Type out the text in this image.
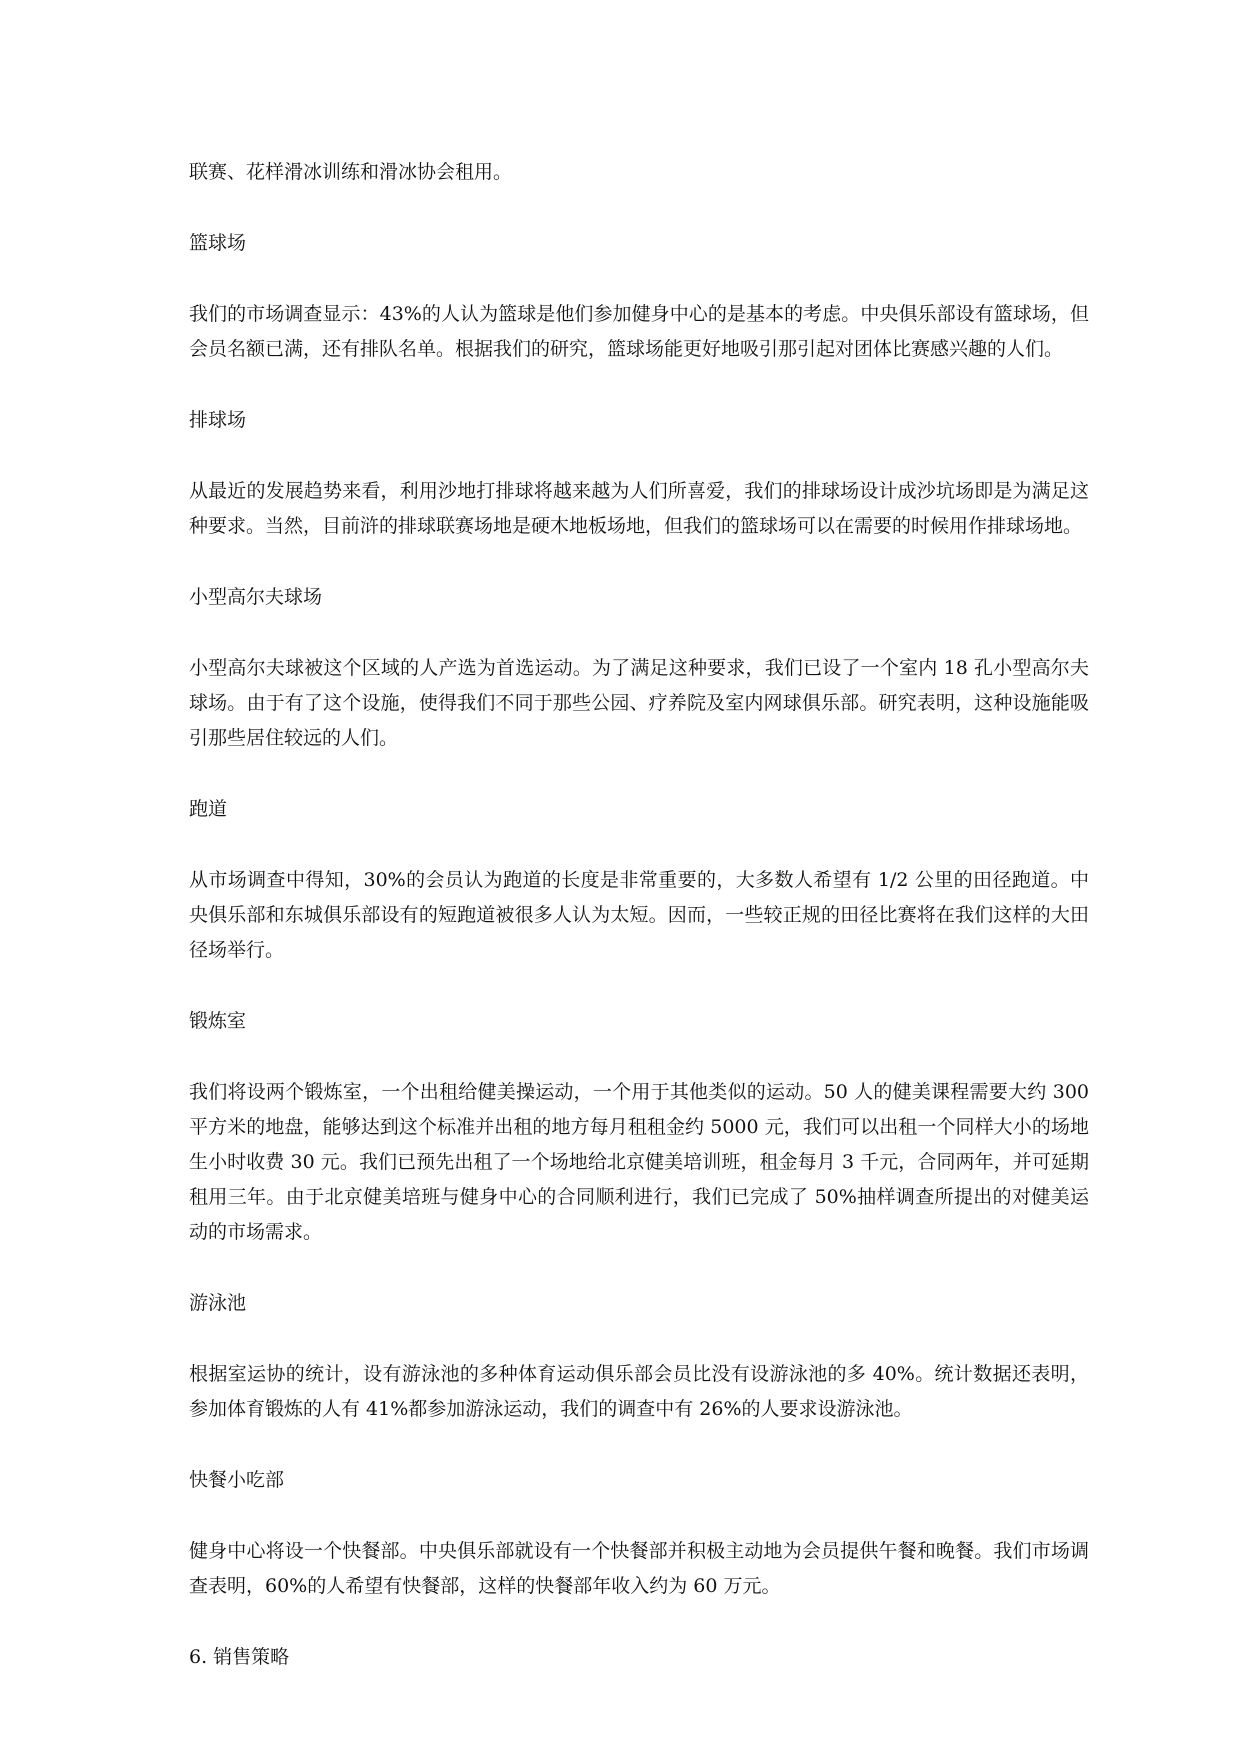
联赛、花样滑冰训练和滑冰协会租用。

篮球场

我们的市场调查显示：43%的人认为篮球是他们参加健身中心的是基本的考虑。中央俱乐部设有篮球场，但会员名额已满，还有排队名单。根据我们的研究，篮球场能更好地吸引那引起对团体比赛感兴趣的人们。

排球场

从最近的发展趋势来看，利用沙地打排球将越来越为人们所喜爱，我们的排球场设计成沙坑场即是为满足这种要求。当然，目前浒的排球联赛场地是硬木地板场地，但我们的篮球场可以在需要的时候用作排球场地。

小型高尔夫球场

小型高尔夫球被这个区域的人产选为首选运动。为了满足这种要求，我们已设了一个室内 18 孔小型高尔夫球场。由于有了这个设施，使得我们不同于那些公园、疗养院及室内网球俱乐部。研究表明，这种设施能吸引那些居住较远的人们。

跑道

从市场调查中得知，30%的会员认为跑道的长度是非常重要的，大多数人希望有 1/2 公里的田径跑道。中央俱乐部和东城俱乐部设有的短跑道被很多人认为太短。因而，一些较正规的田径比赛将在我们这样的大田径场举行。

锻炼室

我们将设两个锻炼室，一个出租给健美操运动，一个用于其他类似的运动。50 人的健美课程需要大约 300 平方米的地盘，能够达到这个标准并出租的地方每月租租金约 5000 元，我们可以出租一个同样大小的场地生小时收费 30 元。我们已预先出租了一个场地给北京健美培训班，租金每月 3 千元，合同两年，并可延期租用三年。由于北京健美培班与健身中心的合同顺利进行，我们已完成了 50%抽样调查所提出的对健美运动的市场需求。

游泳池

根据室运协的统计，设有游泳池的多种体育运动俱乐部会员比没有设游泳池的多 40%。统计数据还表明，参加体育锻炼的人有 41%都参加游泳运动，我们的调查中有 26%的人要求设游泳池。

快餐小吃部

健身中心将设一个快餐部。中央俱乐部就设有一个快餐部并积极主动地为会员提供午餐和晚餐。我们市场调查表明，60%的人希望有快餐部，这样的快餐部年收入约为 60 万元。

6. 销售策略
